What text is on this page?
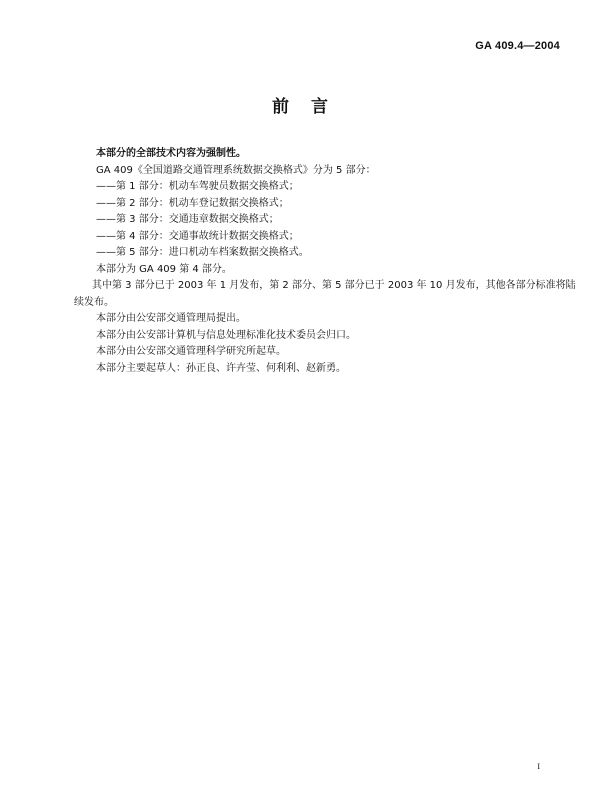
GA 409.4—2004
前言

本部分的全部技术内容为强制性。

GA 409《全国道路交通管理系统数据交换格式》分为 5 部分：

——第 1 部分：机动车驾驶员数据交换格式；

——第 2 部分：机动车登记数据交换格式；

——第 3 部分：交通违章数据交换格式；

——第 4 部分：交通事故统计数据交换格式；

——第 5 部分：进口机动车档案数据交换格式。

本部分为 GA 409 第 4 部分。

其中第 3 部分已于 2003 年 1 月发布，第 2 部分、第 5 部分已于 2003 年 10 月发布，其他各部分标准将陆续发布。

本部分由公安部交通管理局提出。

本部分由公安部计算机与信息处理标准化技术委员会归口。

本部分由公安部交通管理科学研究所起草。

本部分主要起草人：孙正良、许卉莹、何利利、赵新勇。

I
